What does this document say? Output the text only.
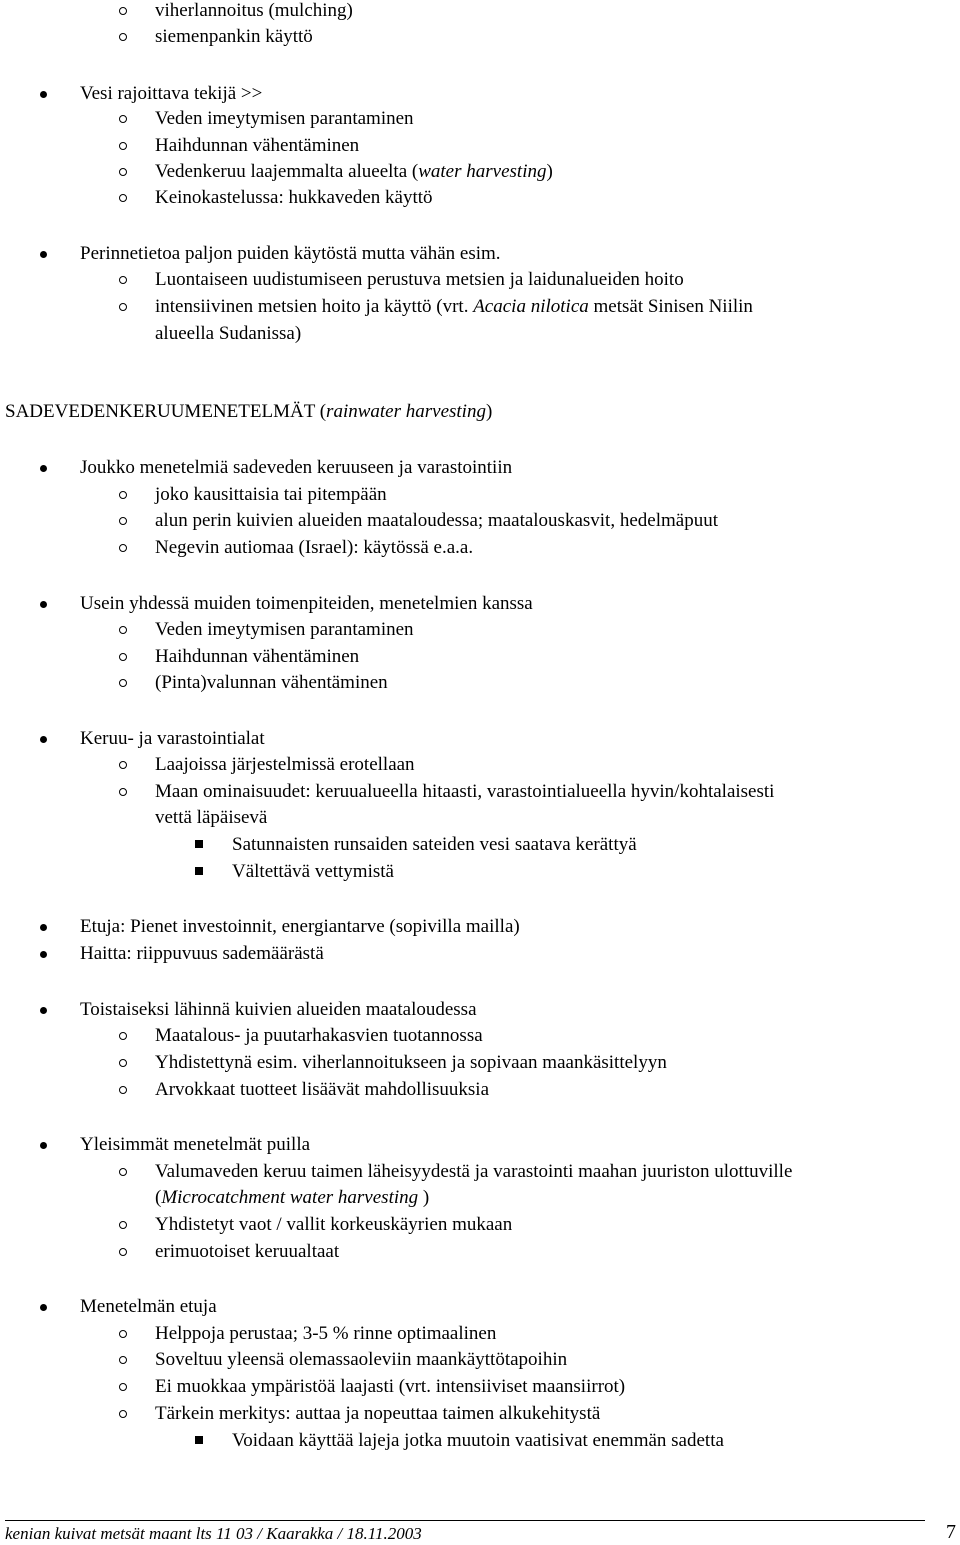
viherlannoitus (mulching)
siemenpankin käyttö
Vesi rajoittava tekijä >>
Veden imeytymisen parantaminen
Haihdunnan vähentäminen
Vedenkeruu laajemmalta alueelta (water harvesting)
Keinokastelussa: hukkaveden käyttö
Perinnetietoa paljon puiden käytöstä mutta vähän esim.
Luontaiseen uudistumiseen perustuva metsien ja laidunalueiden hoito
intensiivinen metsien hoito ja käyttö (vrt. Acacia nilotica metsät Sinisen Niilin
alueella Sudanissa)
SADEVEDENKERUUMENETELMÄT (rainwater harvesting)
Joukko menetelmiä sadeveden keruuseen ja varastointiin
joko kausittaisia tai pitempään
alun perin kuivien alueiden maataloudessa; maatalouskasvit, hedelmäpuut
Negevin autiomaa (Israel): käytössä e.a.a.
Usein yhdessä muiden toimenpiteiden, menetelmien kanssa
Veden imeytymisen parantaminen
Haihdunnan vähentäminen
(Pinta)valunnan vähentäminen
Keruu- ja varastointialat
Laajoissa järjestelmissä erotellaan
Maan ominaisuudet: keruualueella hitaasti, varastointialueella hyvin/kohtalaisesti
vettä läpäisevä
Satunnaisten runsaiden sateiden vesi saatava kerättyä
Vältettävä vettymistä
Etuja: Pienet investoinnit, energiantarve (sopivilla mailla)
Haitta: riippuvuus sademäärästä
Toistaiseksi lähinnä kuivien alueiden maataloudessa
Maatalous- ja puutarhakasvien tuotannossa
Yhdistettynä esim. viherlannoitukseen ja sopivaan maankäsittelyyn
Arvokkaat tuotteet lisäävät mahdollisuuksia
Yleisimmät menetelmät puilla
Valumaveden keruu taimen läheisyydestä ja varastointi maahan juuriston ulottuville
(Microcatchment water harvesting )
Yhdistetyt vaot / vallit korkeuskäyrien mukaan
erimuotoiset keruualtaat
Menetelmän etuja
Helppoja perustaa; 3-5 % rinne optimaalinen
Soveltuu yleensä olemassaoleviin maankäyttötapoihin
Ei muokkaa ympäristöä laajasti (vrt. intensiiviset maansiirrot)
Tärkein merkitys: auttaa ja nopeuttaa taimen alkukehitystä
Voidaan käyttää lajeja jotka muutoin vaatisivat enemmän sadetta
kenian kuivat metsät maant lts 11 03 / Kaarakka / 18.11.2003	7
